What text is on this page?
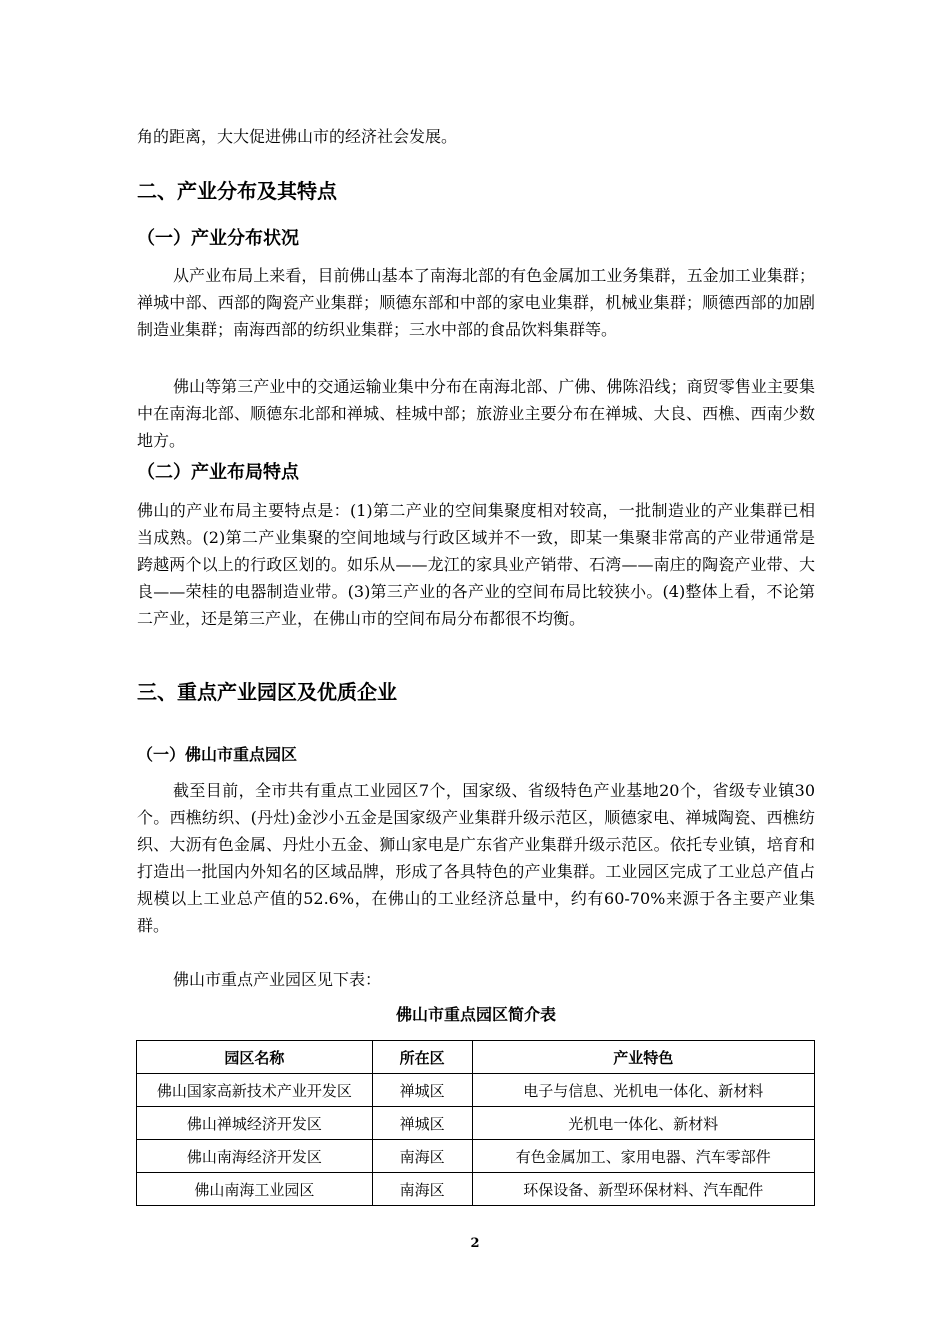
角的距离，大大促进佛山市的经济社会发展。

二、产业分布及其特点
（一）产业分布状况

从产业布局上来看，目前佛山基本了南海北部的有色金属加工业务集群，五金加工业集群；禅城中部、西部的陶瓷产业集群；顺德东部和中部的家电业集群，机械业集群；顺德西部的加剧制造业集群；南海西部的纺织业集群；三水中部的食品饮料集群等。

佛山等第三产业中的交通运输业集中分布在南海北部、广佛、佛陈沿线；商贸零售业主要集中在南海北部、顺德东北部和禅城、桂城中部；旅游业主要分布在禅城、大良、西樵、西南少数地方。

（二）产业布局特点

佛山的产业布局主要特点是：(1)第二产业的空间集聚度相对较高，一批制造业的产业集群已相当成熟。(2)第二产业集聚的空间地域与行政区域并不一致，即某一集聚非常高的产业带通常是跨越两个以上的行政区划的。如乐从——龙江的家具业产销带、石湾——南庄的陶瓷产业带、大良——荣桂的电器制造业带。(3)第三产业的各产业的空间布局比较狭小。(4)整体上看，不论第二产业，还是第三产业，在佛山市的空间布局分布都很不均衡。

三、重点产业园区及优质企业
（一）佛山市重点园区

截至目前，全市共有重点工业园区7个，国家级、省级特色产业基地20个，省级专业镇30个。西樵纺织、(丹灶)金沙小五金是国家级产业集群升级示范区，顺德家电、禅城陶瓷、西樵纺织、大沥有色金属、丹灶小五金、狮山家电是广东省产业集群升级示范区。依托专业镇，培育和打造出一批国内外知名的区域品牌，形成了各具特色的产业集群。工业园区完成了工业总产值占规模以上工业总产值的52.6%，在佛山的工业经济总量中，约有60-70%来源于各主要产业集群。

佛山市重点产业园区见下表：

佛山市重点园区简介表
园区名称	所在区	产业特色
佛山国家高新技术产业开发区	禅城区	电子与信息、光机电一体化、新材料
佛山禅城经济开发区	禅城区	光机电一体化、新材料
佛山南海经济开发区	南海区	有色金属加工、家用电器、汽车零部件
佛山南海工业园区	南海区	环保设备、新型环保材料、汽车配件
2
